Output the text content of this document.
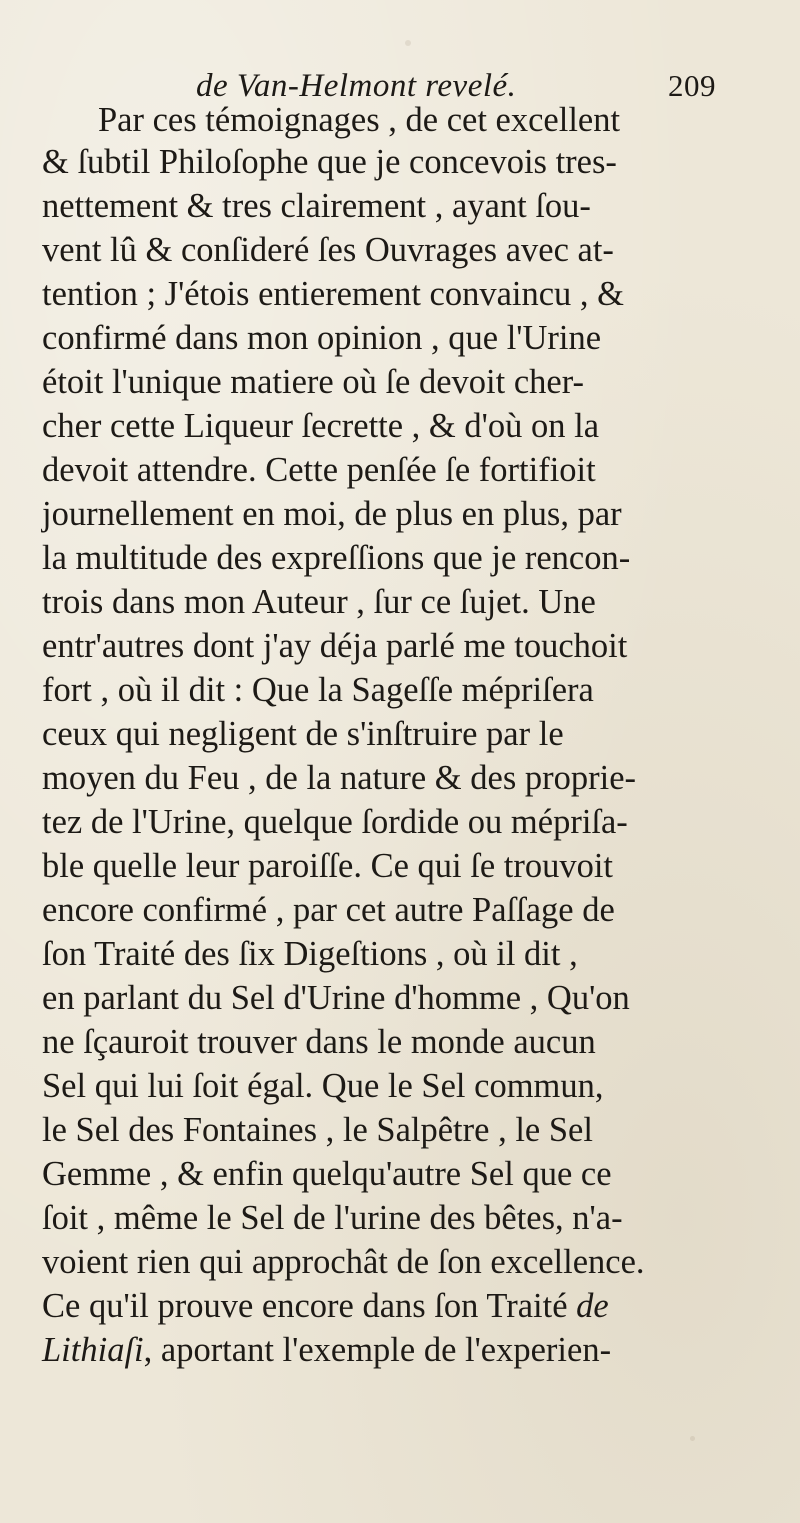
de Van-Helmont revelé.	209
Par ces témoignages , de cet excellent
& ſubtil Philoſophe que je concevois tres-
nettement & tres clairement , ayant ſou-
vent lû & conſideré ſes Ouvrages avec at-
tention ; J'étois entierement convaincu , &
confirmé dans mon opinion , que l'Urine
étoit l'unique matiere où ſe devoit cher-
cher cette Liqueur ſecrette , & d'où on la
devoit attendre. Cette penſée ſe fortifioit
journellement en moi, de plus en plus, par
la multitude des expreſſions que je rencon-
trois dans mon Auteur , ſur ce ſujet. Une
entr'autres dont j'ay déja parlé me touchoit
fort , où il dit : Que la Sageſſe mépriſera
ceux qui negligent de s'inſtruire par le
moyen du Feu , de la nature & des proprie-
tez de l'Urine, quelque ſordide ou mépriſa-
ble quelle leur paroiſſe. Ce qui ſe trouvoit
encore confirmé , par cet autre Paſſage de
ſon Traité des ſix Digeſtions , où il dit ,
en parlant du Sel d'Urine d'homme , Qu'on
ne ſçauroit trouver dans le monde aucun
Sel qui lui ſoit égal. Que le Sel commun,
le Sel des Fontaines , le Salpêtre , le Sel
Gemme , & enfin quelqu'autre Sel que ce
ſoit , même le Sel de l'urine des bêtes, n'a-
voient rien qui approchât de ſon excellence.
Ce qu'il prouve encore dans ſon Traité de
Lithiaſi, aportant l'exemple de l'experien-
